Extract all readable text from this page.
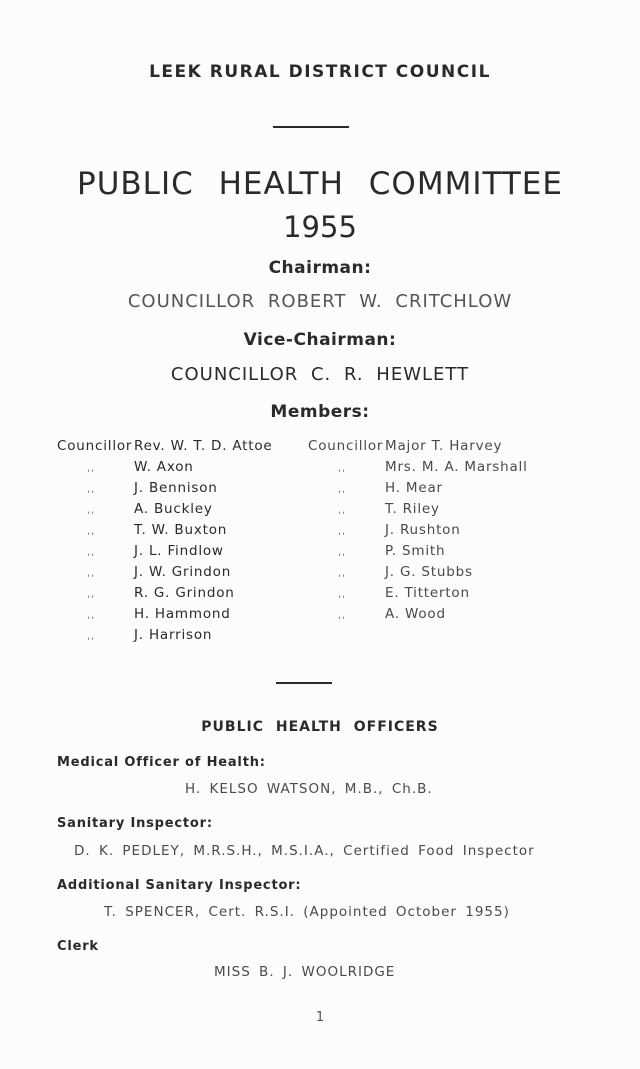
LEEK RURAL DISTRICT COUNCIL
PUBLIC HEALTH COMMITTEE
1955
Chairman:
COUNCILLOR ROBERT W. CRITCHLOW
Vice-Chairman:
COUNCILLOR C. R. HEWLETT
Members:
Councillor Rev. W. T. D. Attoe
,,	W. Axon
,,	J. Bennison
,,	A. Buckley
,,	T. W. Buxton
,,	J. L. Findlow
,,	J. W. Grindon
,,	R. G. Grindon
,,	H. Hammond
,,	J. Harrison
Councillor Major T. Harvey
,,	Mrs. M. A. Marshall
,,	H. Mear
,,	T. Riley
,,	J. Rushton
,,	P. Smith
,,	J. G. Stubbs
,,	E. Titterton
,,	A. Wood
PUBLIC HEALTH OFFICERS
Medical Officer of Health:
H. KELSO WATSON, M.B., Ch.B.
Sanitary Inspector:
D. K. PEDLEY, M.R.S.H., M.S.I.A., Certified Food Inspector
Additional Sanitary Inspector:
T. SPENCER, Cert. R.S.I. (Appointed October 1955)
Clerk
MISS B. J. WOOLRIDGE
1
